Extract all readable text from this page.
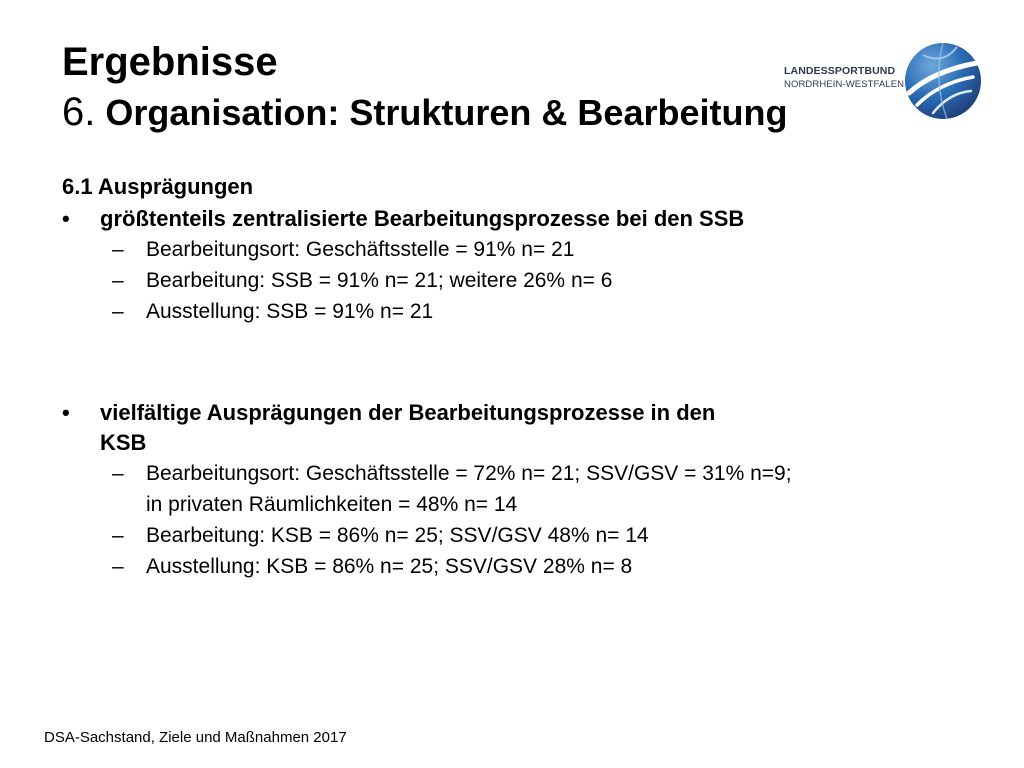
Ergebnisse
6. Organisation: Strukturen & Bearbeitung
LANDESSPORTBUND
NORDRHEIN-WESTFALEN
6.1 Ausprägungen
• größtenteils zentralisierte Bearbeitungsprozesse bei den SSB
– Bearbeitungsort: Geschäftsstelle = 91% n= 21
– Bearbeitung: SSB = 91% n= 21; weitere 26% n= 6
– Ausstellung: SSB = 91% n= 21
• vielfältige Ausprägungen der Bearbeitungsprozesse in den
KSB
– Bearbeitungsort: Geschäftsstelle = 72% n= 21; SSV/GSV = 31% n=9;
in privaten Räumlichkeiten = 48% n= 14
– Bearbeitung: KSB = 86% n= 25; SSV/GSV 48% n= 14
– Ausstellung: KSB = 86% n= 25; SSV/GSV 28% n= 8
DSA-Sachstand, Ziele und Maßnahmen 2017
